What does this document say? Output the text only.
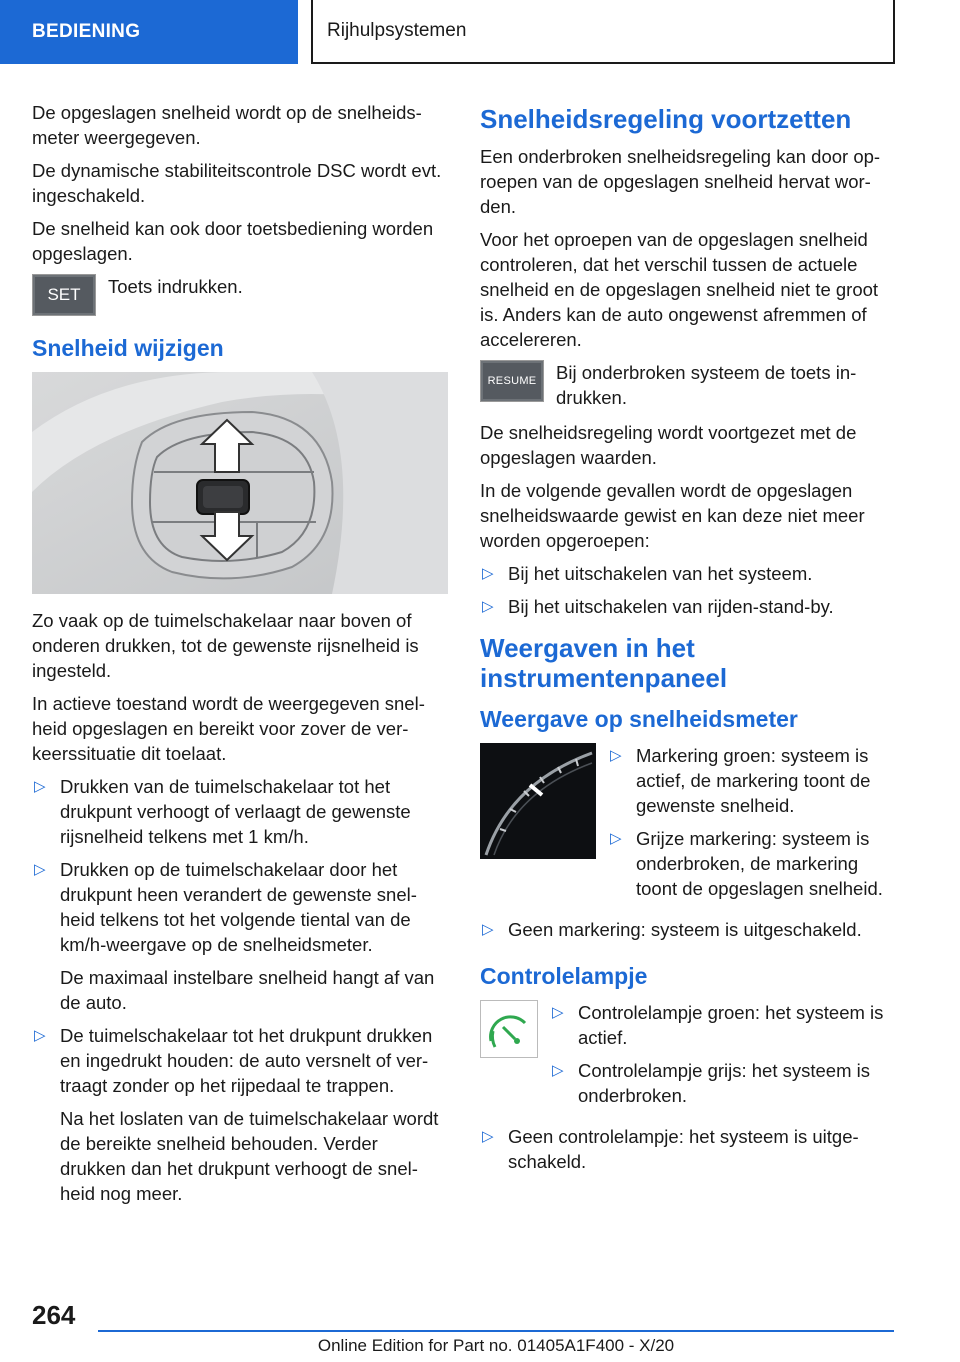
BEDIENING	Rijhulpsystemen

De opgeslagen snelheid wordt op de snelheids-meter weergegeven.

De dynamische stabiliteitscontrole DSC wordt evt. ingeschakeld.

De snelheid kan ook door toetsbediening worden opgeslagen.

SET	Toets indrukken.

Snelheid wijzigen

Zo vaak op de tuimelschakelaar naar boven of onderen drukken, tot de gewenste rijsnelheid is ingesteld.

In actieve toestand wordt de weergegeven snel-heid opgeslagen en bereikt voor zover de ver-keerssituatie dit toelaat.

▷ Drukken van de tuimelschakelaar tot het drukpunt verhoogt of verlaagt de gewenste rijsnelheid telkens met 1 km/h.

▷ Drukken op de tuimelschakelaar door het drukpunt heen verandert de gewenste snel-heid telkens tot het volgende tiental van de km/h-weergave op de snelheidsmeter.

De maximaal instelbare snelheid hangt af van de auto.

▷ De tuimelschakelaar tot het drukpunt drukken en ingedrukt houden: de auto versnelt of ver-traagt zonder op het rijpedaal te trappen.

Na het loslaten van de tuimelschakelaar wordt de bereikte snelheid behouden. Verder drukken dan het drukpunt verhoogt de snel-heid nog meer.

Snelheidsregeling voortzetten

Een onderbroken snelheidsregeling kan door op-roepen van de opgeslagen snelheid hervat wor-den.

Voor het oproepen van de opgeslagen snelheid controleren, dat het verschil tussen de actuele snelheid en de opgeslagen snelheid niet te groot is. Anders kan de auto ongewenst afremmen of accelereren.

RESUME	Bij onderbroken systeem de toets in-drukken.

De snelheidsregeling wordt voortgezet met de opgeslagen waarden.

In de volgende gevallen wordt de opgeslagen snelheidswaarde gewist en kan deze niet meer worden opgeroepen:

▷ Bij het uitschakelen van het systeem.
▷ Bij het uitschakelen van rijden-stand-by.
Weergaven in het instrumentenpaneel
Weergave op snelheidsmeter
▷ Markering groen: systeem is actief, de markering toont de gewenste snelheid.
▷ Grijze markering: systeem is onderbroken, de markering toont de opgeslagen snelheid.
▷ Geen markering: systeem is uitgeschakeld.
Controlelampje
▷ Controlelampje groen: het systeem is actief.
▷ Controlelampje grijs: het systeem is onderbroken.
▷ Geen controlelampje: het systeem is uitge-schakeld.
264
Online Edition for Part no. 01405A1F400 - X/20
